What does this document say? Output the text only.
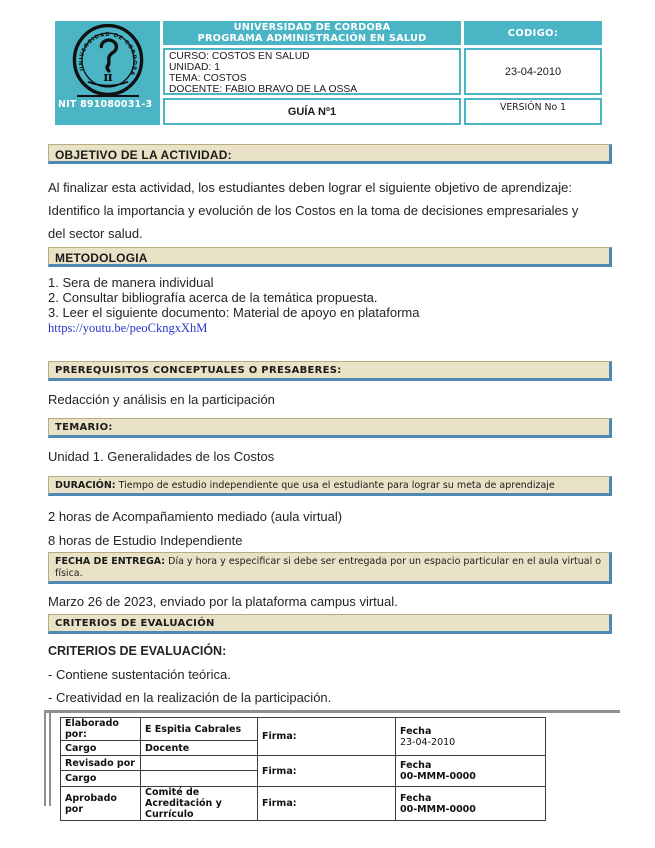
UNIVERSIDAD DE CORDOBA
π
NIT 891080031-3
UNIVERSIDAD DE CORDOBA
PROGRAMA ADMINISTRACIÓN EN SALUD	CODIGO:
CURSO: COSTOS EN SALUD
UNIDAD: 1
TEMA: COSTOS
DOCENTE: FABIO BRAVO DE LA OSSA
23-04-2010
GUÍA Nº1	VERSIÓN No 1
OBJETIVO DE LA ACTIVIDAD:
Al finalizar esta actividad, los estudiantes deben lograr el siguiente objetivo de aprendizaje:
Identifico la importancia y evolución de los Costos en la toma de decisiones empresariales y
del sector salud.
METODOLOGIA
1. Sera de manera individual
2. Consultar bibliografía acerca de la temática propuesta.
3. Leer el siguiente documento: Material de apoyo en plataforma
https://youtu.be/peoCkngxXhM
PREREQUISITOS CONCEPTUALES O PRESABERES:
Redacción y análisis en la participación
TEMARIO:
Unidad 1. Generalidades de los Costos
DURACIÓN: Tiempo de estudio independiente que usa el estudiante para lograr su meta de aprendizaje
2 horas de Acompañamiento mediado (aula virtual)
8 horas de Estudio Independiente
FECHA DE ENTREGA: Día y hora y especificar si debe ser entregada por un espacio particular en el aula virtual o física.
Marzo 26 de 2023, enviado por la plataforma campus virtual.
CRITERIOS DE EVALUACIÓN
CRITERIOS DE EVALUACIÓN:
- Contiene sustentación teórica.
- Creatividad en la realización de la participación.
Elaborado por:	E Espitia Cabrales	Firma:	Fecha
23-04-2010

Cargo	Docente		
Revisado por		Firma:	Fecha
00-MMM-0000

Cargo			
Aprobado por	Comité de Acreditación y Currículo	Firma:	Fecha
00-MMM-0000
